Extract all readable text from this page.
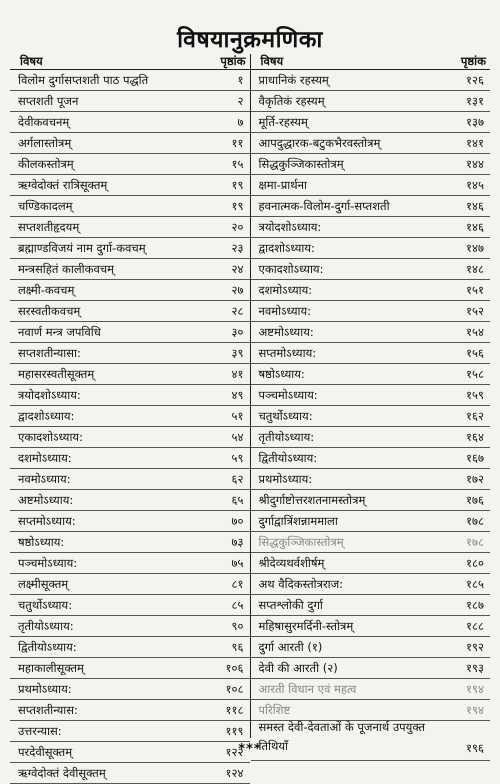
विषयानुक्रमणिका
विषय	पृष्ठांक
विलोम दुर्गासप्तशती पाठ पद्धति	१
सप्तशती पूजन	२
देवीकवचनम्	७
अर्गलास्तोत्रम्	११
कीलकस्तोत्रम्	१५
ऋग्वेदोक्तं रात्रिसूक्तम्	१९
चण्डिकादलम्	१९
सप्तशतीहृदयम्	२०
ब्रह्माण्डविजयं नाम दुर्गा-कवचम्	२३
मन्त्रसहितं कालीकवचम्	२४
लक्ष्मी-कवचम्	२७
सरस्वतीकवचम्	२८
नवार्ण मन्त्र जपविधि	३०
सप्तशतीन्यासा:	३९
महासरस्वतीसूक्तम्	४१
त्रयोदशोऽध्याय:	४९
द्वादशोऽध्याय:	५१
एकादशोऽध्याय:	५४
दशमोऽध्याय:	५९
नवमोऽध्याय:	६२
अष्टमोऽध्याय:	६५
सप्तमोऽध्याय:	७०
षष्ठोऽध्याय:	७३
पञ्चमोऽध्याय:	७५
लक्ष्मीसूक्तम्	८१
चतुर्थोऽध्याय:	८५
तृतीयोऽध्याय:	९०
द्वितीयोऽध्याय:	९६
महाकालीसूक्तम्	१०६
प्रथमोऽध्याय:	१०८
सप्तशतीन्यास:	११८
उत्तरन्यास:	११९
परदेवीसूक्तम्	१२२
ऋग्वेदोक्तं देवीसूक्तम्	१२४
विषय	पृष्ठांक
प्राधानिकं रहस्यम्	१२६
वैकृतिकं रहस्यम्	१३१
मूर्ति-रहस्यम्	१३७
आपदुद्धारक-बटुकभैरवस्तोत्रम्	१४१
सिद्धकुञ्जिकास्तोत्रम्	१४४
क्षमा-प्रार्थना	१४५
हवनात्मक-विलोम-दुर्गा-सप्तशती	१४६
त्रयोदशोऽध्याय:	१४६
द्वादशोऽध्याय:	१४७
एकादशोऽध्याय:	१४८
दशमोऽध्याय:	१५१
नवमोऽध्याय:	१५२
अष्टमोऽध्याय:	१५४
सप्तमोऽध्याय:	१५६
षष्ठोऽध्याय:	१५८
पञ्चमोऽध्याय:	१५९
चतुर्थोऽध्याय:	१६२
तृतीयोऽध्याय:	१६४
द्वितीयोऽध्याय:	१६७
प्रथमोऽध्याय:	१७२
श्रीदुर्गाष्टोत्तरशतनामस्तोत्रम्	१७६
दुर्गाद्वात्रिंशन्नाममाला	१७८
सिद्धकुञ्जिकास्तोत्रम्	१७८
श्रीदेव्यथर्वशीर्षम्	१८०
अथ वैदिकस्तोत्रराज:	१८५
सप्तश्लोकी दुर्गा	१८७
महिषासुरमर्दिनी-स्तोत्रम्	१८८
दुर्गा आरती (१)	१९२
देवी की आरती (२)	१९३
आरती विधान एवं महत्व	१९४
परिशिष्ट	१९४
समस्त देवी-देवताओं के पूजनार्थ उपयुक्त तिथियाँ	१९६
***
